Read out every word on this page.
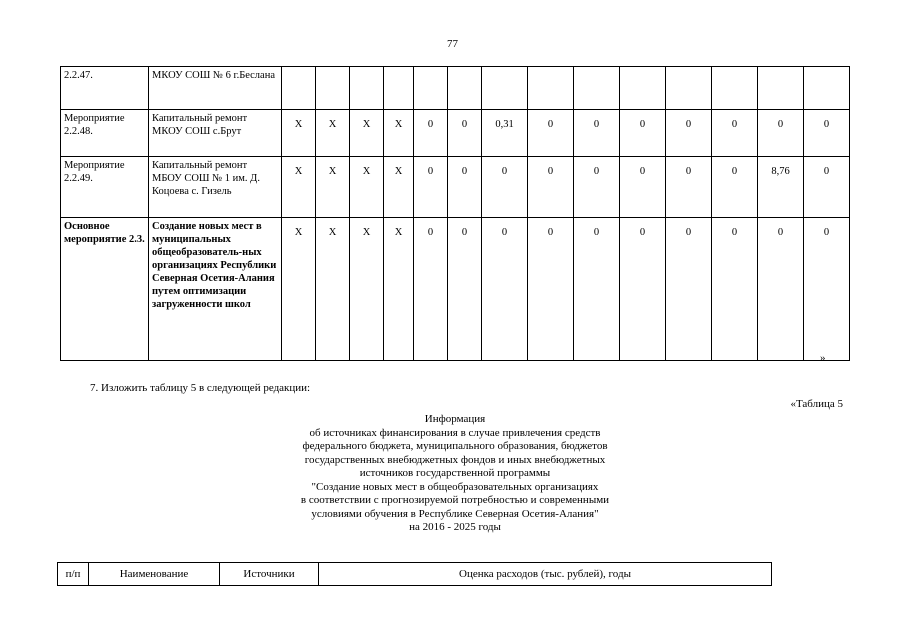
77
2.2.47.	МКОУ СОШ № 6 г.Беслана														
Мероприятие 2.2.48.	Капитальный ремонт МКОУ СОШ с.Брут	Х	Х	Х	Х	0	0	0,31	0	0	0	0	0	0	0
Мероприятие 2.2.49.	Капитальный ремонт МБОУ СОШ № 1 им. Д. Коцоева с. Гизель	Х	Х	Х	Х	0	0	0	0	0	0	0	0	8,76	0
Основное мероприятие 2.3.	Создание новых мест в муниципальных общеобразователь-ных организациях Республики Северная Осетия-Алания путем оптимизации загруженности школ	Х	Х	Х	Х	0	0	0	0	0	0	0	0	0	0
»
7. Изложить таблицу 5 в следующей редакции:
«Таблица 5
Информация
об источниках финансирования в случае привлечения средств
федерального бюджета, муниципального образования, бюджетов
государственных внебюджетных фондов и иных внебюджетных
источников государственной программы
"Создание новых мест в общеобразовательных организациях
в соответствии с прогнозируемой потребностью и современными
условиями обучения в Республике Северная Осетия-Алания"
на 2016 - 2025 годы
п/п	Наименование	Источники	Оценка расходов (тыс. рублей), годы
